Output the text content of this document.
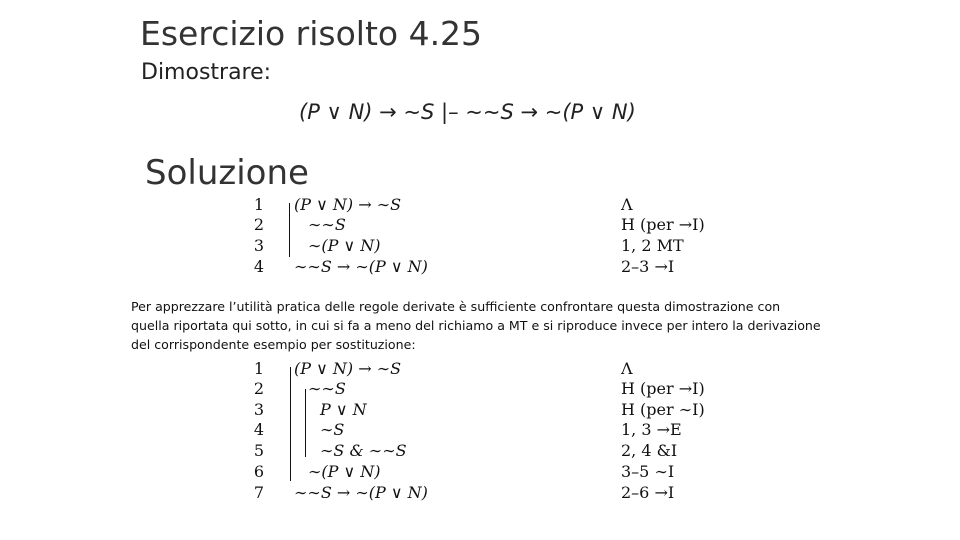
Esercizio risolto 4.25
Dimostrare:
(P ∨ N) → ∼S |– ∼∼S → ∼(P ∨ N)
Soluzione
1 (P ∨ N) → ∼S	Λ
2	∼∼S	H (per →I)
3	∼(P ∨ N)	1, 2 MT
4 ∼∼S → ∼(P ∨ N)	2–3 →I
Per apprezzare l’utilità pratica delle regole derivate è sufficiente confrontare questa dimostrazione con quella riportata qui sotto, in cui si fa a meno del richiamo a MT e si riproduce invece per intero la derivazione del corrispondente esempio per sostituzione:
1 (P ∨ N) → ∼S	Λ
2	∼∼S	H (per →I)
3	P ∨ N	H (per ∼I)
4	∼S	1, 3 →E
5	∼S & ∼∼S	2, 4 &I
6	∼(P ∨ N)	3–5 ∼I
7 ∼∼S → ∼(P ∨ N)	2–6 →I
